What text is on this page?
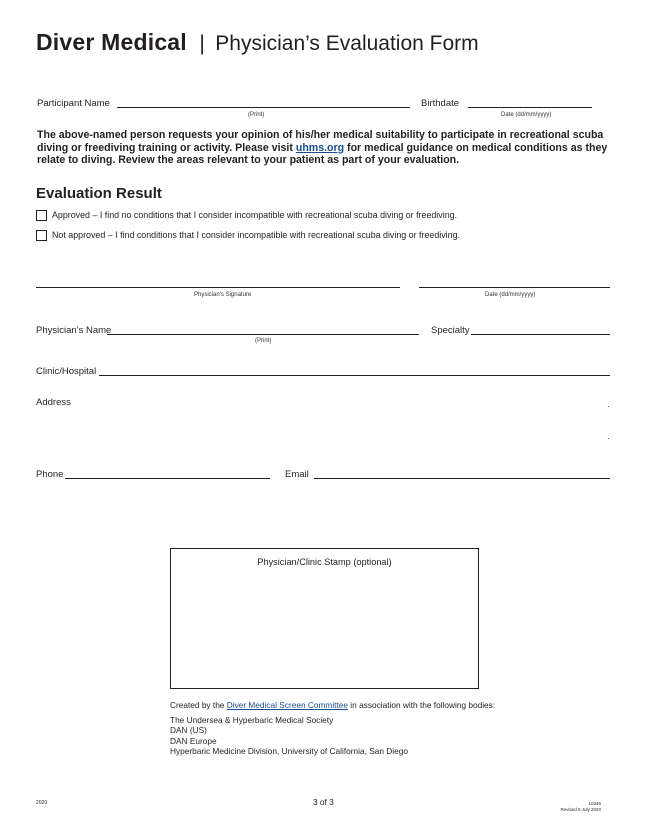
Diver Medical | Physician’s Evaluation Form
Participant Name
(Print)
Birthdate
Date (dd/mm/yyyy)
The above-named person requests your opinion of his/her medical suitability to participate in recreational scuba diving or freediving training or activity. Please visit uhms.org for medical guidance on medical conditions as they relate to diving. Review the areas relevant to your patient as part of your evaluation.
Evaluation Result
Approved – I find no conditions that I consider incompatible with recreational scuba diving or freediving.
Not approved – I find conditions that I consider incompatible with recreational scuba diving or freediving.
Physician’s Signature	Date (dd/mm/yyyy)
Physician’s Name
(Print)
Specialty
Clinic/Hospital
Address
Phone	Email
Physician/Clinic Stamp (optional)
Created by the Diver Medical Screen Committee in association with the following bodies:
The Undersea & Hyperbaric Medical Society
DAN (US)
DAN Europe
Hyperbaric Medicine Division, University of California, San Diego
2020	3 of 3	10346
Revised 9 July 2020
